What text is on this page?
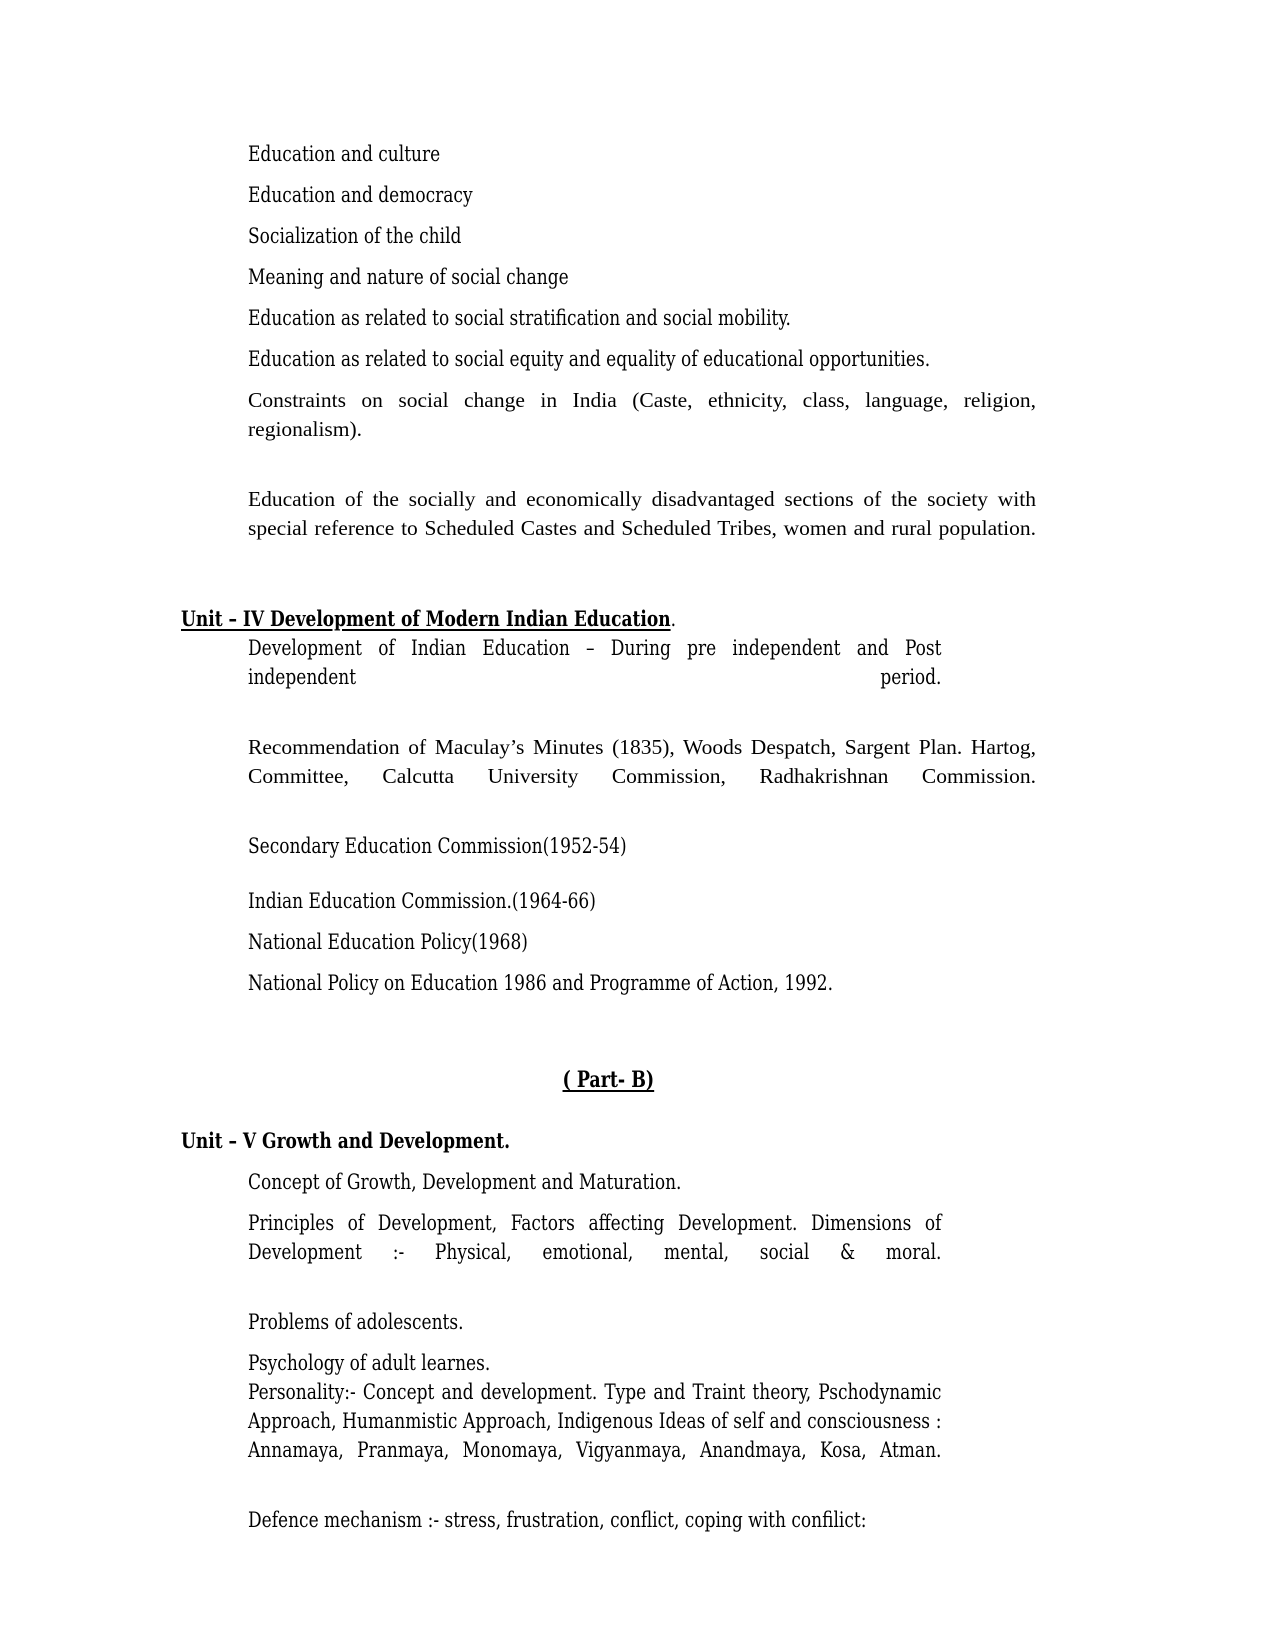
Education and culture
Education and democracy
Socialization of the child
Meaning and nature of social change
Education as related to social stratification and social mobility.
Education as related to social equity and equality of educational opportunities.
Constraints on social change in India (Caste, ethnicity, class, language, religion, regionalism).
Education of the socially and economically disadvantaged sections of the society with special reference to Scheduled Castes and Scheduled Tribes, women and rural population.
Unit – IV Development of Modern Indian Education.
Development of Indian Education – During pre independent and Post independent period.
Recommendation of Maculay’s Minutes (1835), Woods Despatch, Sargent Plan. Hartog, Committee, Calcutta University Commission, Radhakrishnan Commission.
Secondary Education Commission(1952-54)
Indian Education Commission.(1964-66)
National Education Policy(1968)
National Policy on Education 1986 and Programme of Action, 1992.
( Part- B)
Unit – V Growth and Development.
Concept of Growth, Development and Maturation.
Principles of Development, Factors affecting Development. Dimensions of Development :- Physical, emotional, mental, social & moral.
Problems of adolescents.
Psychology of adult learnes.
Personality:- Concept and development. Type and Traint theory, Pschodynamic Approach, Humanmistic Approach, Indigenous Ideas of self and consciousness : Annamaya, Pranmaya, Monomaya, Vigyanmaya, Anandmaya, Kosa, Atman.
Defence mechanism :- stress, frustration, conflict, coping with confilict:
